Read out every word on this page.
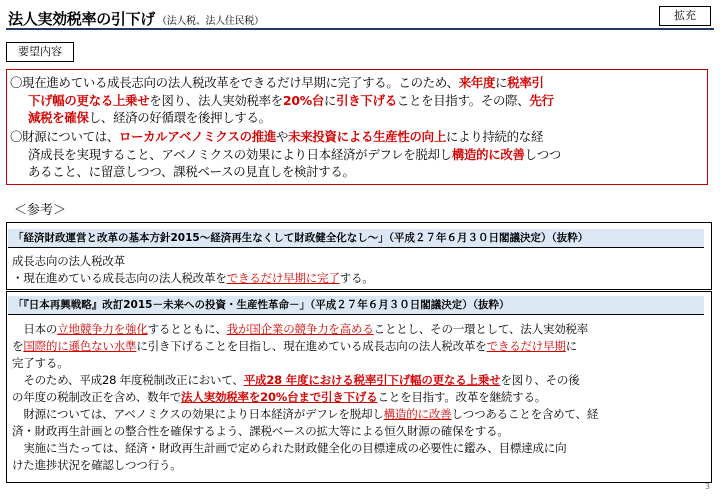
法人実効税率の引下げ （法人税、法人住民税）	拡充
要望内容
〇現在進めている成長志向の法人税改革をできるだけ早期に完了する。このため、来年度に税率引
下げ幅の更なる上乗せを図り、法人実効税率を20%台に引き下げることを目指す。その際、先行
減税を確保し、経済の好循環を後押しする。
〇財源については、ローカルアベノミクスの推進や未来投資による生産性の向上により持続的な経
済成長を実現すること、アベノミクスの効果により日本経済がデフレを脱却し構造的に改善しつつ
あること、に留意しつつ、課税ベースの見直しを検討する。
＜参考＞
「経済財政運営と改革の基本方針2015～経済再生なくして財政健全化なし～」（平成２７年６月３０日閣議決定）（抜粋）
成長志向の法人税改革
・現在進めている成長志向の法人税改革をできるだけ早期に完了する。
「『日本再興戦略』改訂2015－未来への投資・生産性革命－」（平成２７年６月３０日閣議決定）（抜粋）
　日本の立地競争力を強化するとともに、我が国企業の競争力を高めることとし、その一環として、法人実効税率
を国際的に遜色ない水準に引き下げることを目指し、現在進めている成長志向の法人税改革をできるだけ早期に
完了する。
　そのため、平成28 年度税制改正において、平成28 年度における税率引下げ幅の更なる上乗せを図り、その後
の年度の税制改正を含め、数年で法人実効税率を20%台まで引き下げることを目指す。改革を継続する。
　財源については、アベノミクスの効果により日本経済がデフレを脱却し構造的に改善しつつあることを含めて、経
済・財政再生計画との整合性を確保するよう、課税ベースの拡大等による恒久財源の確保をする。
　実施に当たっては、経済・財政再生計画で定められた財政健全化の目標達成の必要性に鑑み、目標達成に向
けた進捗状況を確認しつつ行う。
3
